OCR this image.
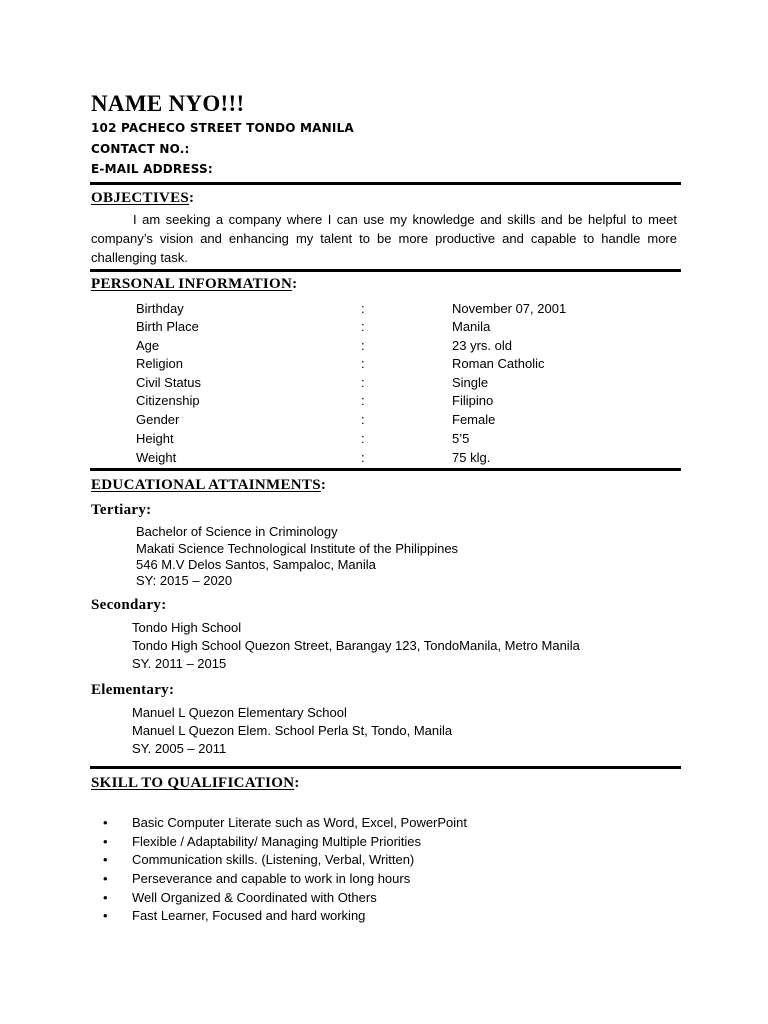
NAME NYO!!!
102 PACHECO STREET TONDO MANILA
CONTACT NO.:
E-MAIL ADDRESS:
OBJECTIVES:
I am seeking a company where I can use my knowledge and skills and be helpful to meet company’s vision and enhancing my talent to be more productive and capable to handle more challenging task.
PERSONAL INFORMATION:
Birthday	:	November 07, 2001
Birth Place	:	Manila
Age	:	23 yrs. old
Religion	:	Roman Catholic
Civil Status	:	Single
Citizenship	:	Filipino
Gender	:	Female
Height	:	5’5
Weight	:	75 klg.
EDUCATIONAL ATTAINMENTS:
Tertiary:
Bachelor of Science in Criminology
Makati Science Technological Institute of the Philippines
546 M.V Delos Santos, Sampaloc, Manila
SY: 2015 – 2020
Secondary:
Tondo High School
Tondo High School Quezon Street, Barangay 123, TondoManila, Metro Manila
SY. 2011 – 2015
Elementary:
Manuel L Quezon Elementary School
Manuel L Quezon Elem. School Perla St, Tondo, Manila
SY. 2005 – 2011
SKILL TO QUALIFICATION:
• Basic Computer Literate such as Word, Excel, PowerPoint
• Flexible / Adaptability/ Managing Multiple Priorities
• Communication skills. (Listening, Verbal, Written)
• Perseverance and capable to work in long hours
• Well Organized & Coordinated with Others
• Fast Learner, Focused and hard working
